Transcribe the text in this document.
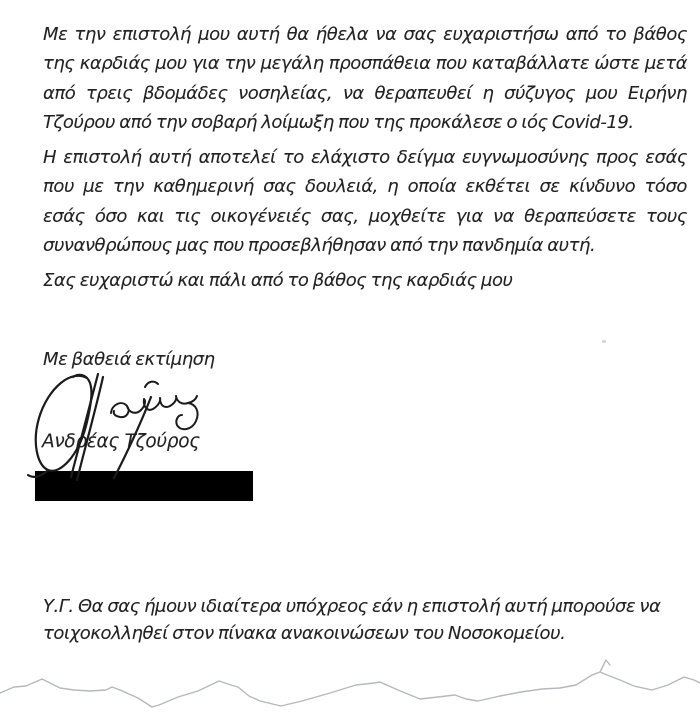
Με την επιστολή μου αυτή θα ήθελα να σας ευχαριστήσω από το βάθος
της καρδιάς μου για την μεγάλη προσπάθεια που καταβάλλατε ώστε μετά
από τρεις βδομάδες νοσηλείας, να θεραπευθεί η σύζυγος μου Ειρήνη
Τζούρου από την σοβαρή λοίμωξη που της προκάλεσε ο ιός Covid-19.
Η επιστολή αυτή αποτελεί το ελάχιστο δείγμα ευγνωμοσύνης προς εσάς
που με την καθημερινή σας δουλειά, η οποία εκθέτει σε κίνδυνο τόσο
εσάς όσο και τις οικογένειές σας, μοχθείτε για να θεραπεύσετε τους
συνανθρώπους μας που προσεβλήθησαν από την πανδημία αυτή.
Σας ευχαριστώ και πάλι από το βάθος της καρδιάς μου
Με βαθειά εκτίμηση
Ανδρέας Τζούρος
Υ.Γ. Θα σας ήμουν ιδιαίτερα υπόχρεος εάν η επιστολή αυτή μπορούσε να
τοιχοκολληθεί στον πίνακα ανακοινώσεων του Νοσοκομείου.
